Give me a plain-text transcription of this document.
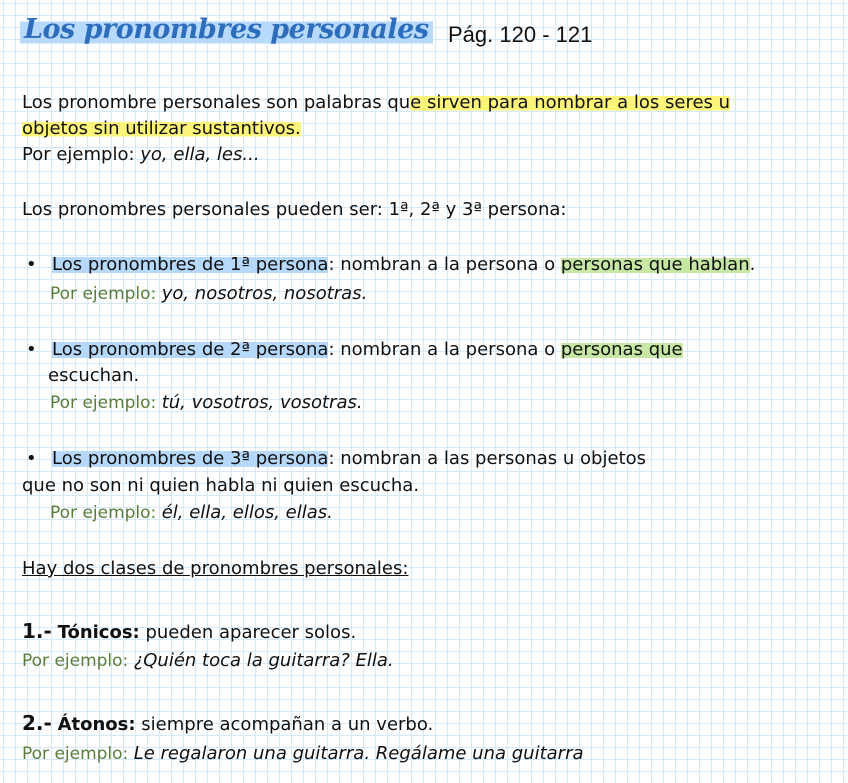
Los pronombres personales Pág. 120 - 121
Los pronombre personales son palabras que sirven para nombrar a los seres u
objetos sin utilizar sustantivos.
Por ejemplo: yo, ella, les...
Los pronombres personales pueden ser: 1ª, 2ª y 3ª persona:
• Los pronombres de 1ª persona: nombran a la persona o personas que hablan.
Por ejemplo: yo, nosotros, nosotras.
• Los pronombres de 2ª persona: nombran a la persona o personas que
escuchan.
Por ejemplo: tú, vosotros, vosotras.
• Los pronombres de 3ª persona: nombran a las personas u objetos
que no son ni quien habla ni quien escucha.
Por ejemplo: él, ella, ellos, ellas.
Hay dos clases de pronombres personales:
1.- Tónicos: pueden aparecer solos.
Por ejemplo: ¿Quién toca la guitarra? Ella.
2.- Átonos: siempre acompañan a un verbo.
Por ejemplo: Le regalaron una guitarra. Regálame una guitarra
